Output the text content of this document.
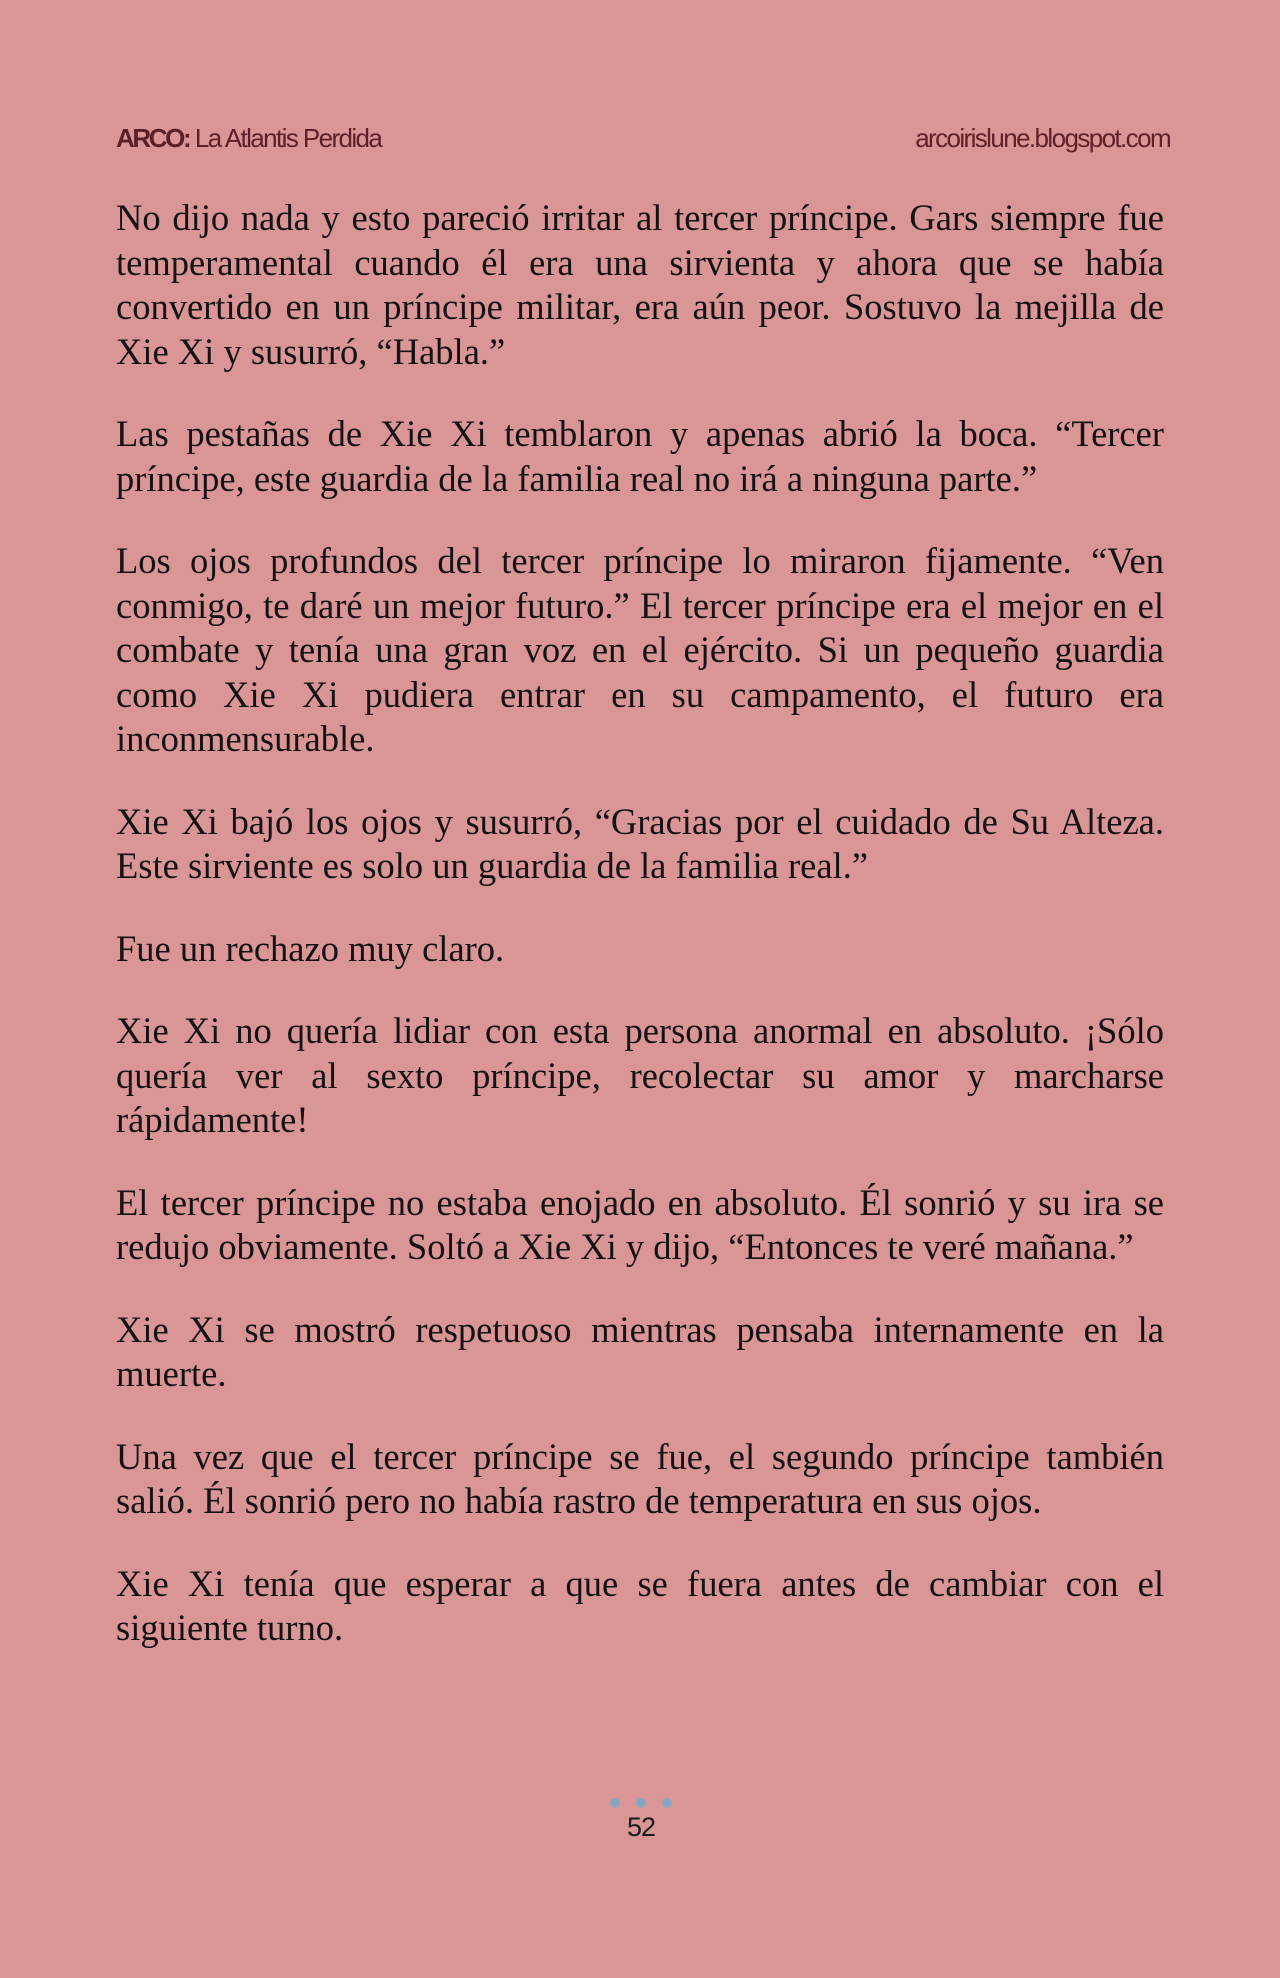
ARCO: La Atlantis Perdida	arcoirislune.blogspot.com

No dijo nada y esto pareció irritar al tercer príncipe. Gars siempre fue temperamental cuando él era una sirvienta y ahora que se había convertido en un príncipe militar, era aún peor. Sostuvo la mejilla de Xie Xi y susurró, “Habla.”

Las pestañas de Xie Xi temblaron y apenas abrió la boca. “Tercer príncipe, este guardia de la familia real no irá a ninguna parte.”

Los ojos profundos del tercer príncipe lo miraron fijamente. “Ven conmigo, te daré un mejor futuro.” El tercer príncipe era el mejor en el combate y tenía una gran voz en el ejército. Si un pequeño guardia como Xie Xi pudiera entrar en su campamento, el futuro era inconmensurable.

Xie Xi bajó los ojos y susurró, “Gracias por el cuidado de Su Alteza. Este sirviente es solo un guardia de la familia real.”

Fue un rechazo muy claro.

Xie Xi no quería lidiar con esta persona anormal en absoluto. ¡Sólo quería ver al sexto príncipe, recolectar su amor y marcharse rápidamente!

El tercer príncipe no estaba enojado en absoluto. Él sonrió y su ira se redujo obviamente. Soltó a Xie Xi y dijo, “Entonces te veré mañana.”

Xie Xi se mostró respetuoso mientras pensaba internamente en la muerte.

Una vez que el tercer príncipe se fue, el segundo príncipe también salió. Él sonrió pero no había rastro de temperatura en sus ojos.

Xie Xi tenía que esperar a que se fuera antes de cambiar con el siguiente turno.

52
